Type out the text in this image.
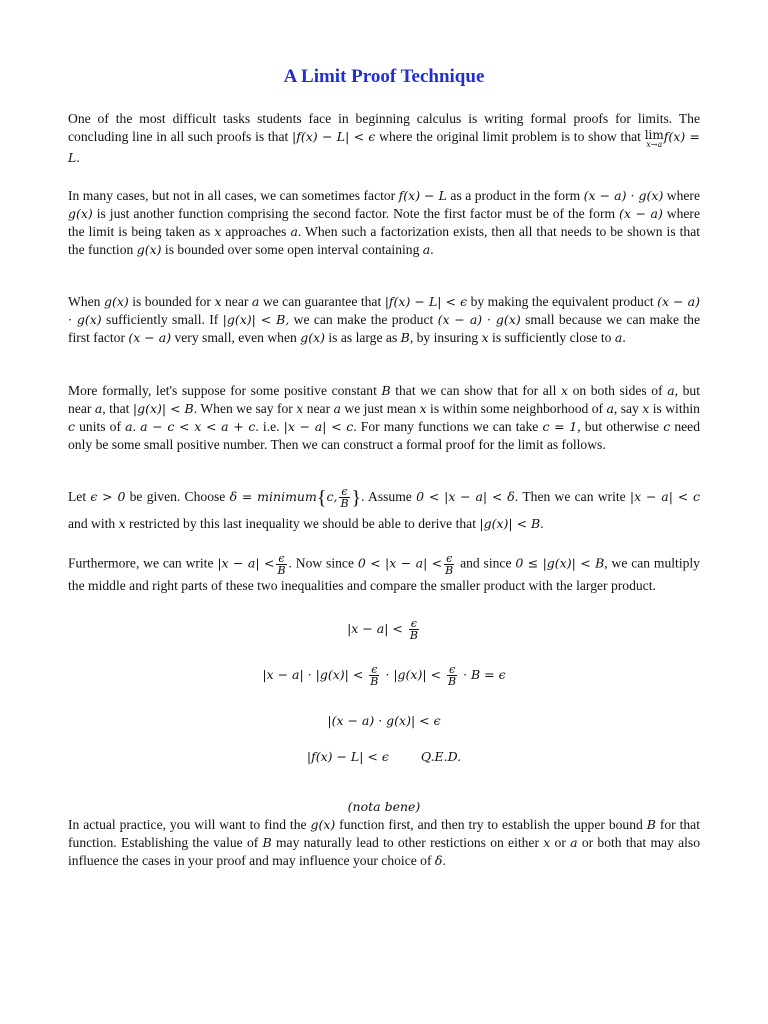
A Limit Proof Technique

One of the most difficult tasks students face in beginning calculus is writing formal proofs for limits. The concluding line in all such proofs is that |f(x) − L| < ϵ where the original limit problem is to show that lim
x→a
f(x) = L.

In many cases, but not in all cases, we can sometimes factor f(x) − L as a product in the form (x − a) · g(x) where g(x) is just another function comprising the second factor. Note the first factor must be of the form (x − a) where the limit is being taken as x approaches a. When such a factorization exists, then all that needs to be shown is that the function g(x) is bounded over some open interval containing a.

When g(x) is bounded for x near a we can guarantee that |f(x) − L| < ϵ by making the equivalent product (x − a) · g(x) sufficiently small. If |g(x)| < B, we can make the product (x − a) · g(x) small because we can make the first factor (x − a) very small, even when g(x) is as large as B, by insuring x is sufficiently close to a.

More formally, let's suppose for some positive constant B that we can show that for all x on both sides of a, but near a, that |g(x)| < B. When we say for x near a we just mean x is within some neighborhood of a, say x is within c units of a. a − c < x < a + c. i.e. |x − a| < c. For many functions we can take c = 1, but otherwise c need only be some small positive number. Then we can construct a formal proof for the limit as follows.

Let ϵ > 0 be given. Choose δ = minimum{c, $\frac{\epsilon}{B}$ }. Assume 0 < |x − a| < δ. Then we can write |x − a| < c and with x restricted by this last inequality we should be able to derive that |g(x)| < B.

Furthermore, we can write $|x - a| < \frac{\epsilon}{B}$ . Now since $0 < |x - a| < \frac{\epsilon}{B}$ and since 0 ≤ |g(x)| < B, we can multiply the middle and right parts of these two inequalities and compare the smaller product with the larger product.

$|x - a| < \frac{\epsilon}{B}$

$|x - a| \cdot |g(x)| < \frac{\epsilon}{B} \cdot |g(x)| < \frac{\epsilon}{B} \cdot B = \epsilon$

|(x − a) · g(x)| < ϵ

|f(x) − L| < ϵ	Q.E.D.

(nota bene)

In actual practice, you will want to find the g(x) function first, and then try to establish the upper bound B for that function. Establishing the value of B may naturally lead to other restictions on either x or a or both that may also influence the cases in your proof and may influence your choice of δ.
